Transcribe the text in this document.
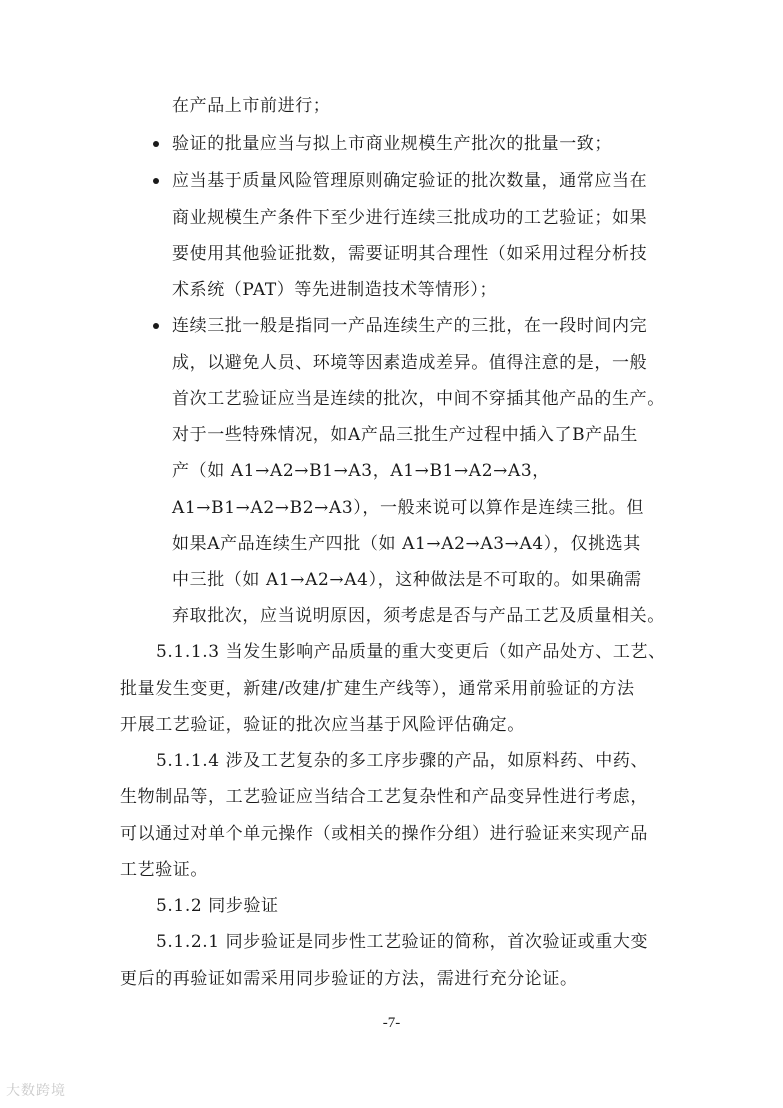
在产品上市前进行；
验证的批量应当与拟上市商业规模生产批次的批量一致；
应当基于质量风险管理原则确定验证的批次数量，通常应当在
商业规模生产条件下至少进行连续三批成功的工艺验证；如果
要使用其他验证批数，需要证明其合理性（如采用过程分析技
术系统（PAT）等先进制造技术等情形）；
连续三批一般是指同一产品连续生产的三批，在一段时间内完
成，以避免人员、环境等因素造成差异。值得注意的是，一般
首次工艺验证应当是连续的批次，中间不穿插其他产品的生产。
对于一些特殊情况，如A产品三批生产过程中插入了B产品生
产（如 A1→A2→B1→A3，A1→B1→A2→A3，
A1→B1→A2→B2→A3），一般来说可以算作是连续三批。但
如果A产品连续生产四批（如 A1→A2→A3→A4），仅挑选其
中三批（如 A1→A2→A4），这种做法是不可取的。如果确需
弃取批次，应当说明原因，须考虑是否与产品工艺及质量相关。
5.1.1.3 当发生影响产品质量的重大变更后（如产品处方、工艺、
批量发生变更，新建/改建/扩建生产线等），通常采用前验证的方法
开展工艺验证，验证的批次应当基于风险评估确定。
5.1.1.4 涉及工艺复杂的多工序步骤的产品，如原料药、中药、
生物制品等，工艺验证应当结合工艺复杂性和产品变异性进行考虑，
可以通过对单个单元操作（或相关的操作分组）进行验证来实现产品
工艺验证。
5.1.2 同步验证
5.1.2.1 同步验证是同步性工艺验证的简称，首次验证或重大变
更后的再验证如需采用同步验证的方法，需进行充分论证。
-7-
大数跨境
